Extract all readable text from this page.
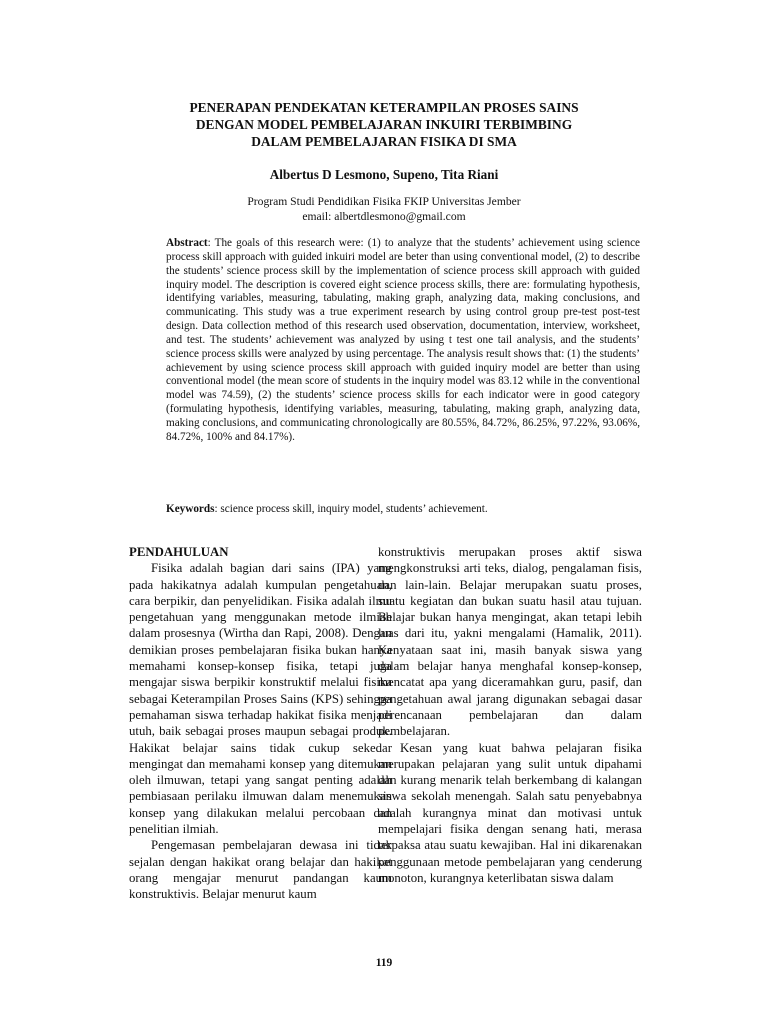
PENERAPAN PENDEKATAN KETERAMPILAN PROSES SAINS
DENGAN MODEL PEMBELAJARAN INKUIRI TERBIMBING
DALAM PEMBELAJARAN FISIKA DI SMA
Albertus D Lesmono, Supeno, Tita Riani
Program Studi Pendidikan Fisika FKIP Universitas Jember
email: albertdlesmono@gmail.com

Abstract: The goals of this research were: (1) to analyze that the students’ achievement using science process skill approach with guided inkuiri model are beter than using conventional model, (2) to describe the students’ science process skill by the implementation of science process skill approach with guided inquiry model. The description is covered eight science process skills, there are: formulating hypothesis, identifying variables, measuring, tabulating, making graph, analyzing data, making conclusions, and communicating. This study was a true experiment research by using control group pre-test post-test design. Data collection method of this research used observation, documentation, interview, worksheet, and test. The students’ achievement was analyzed by using t test one tail analysis, and the students’ science process skills were analyzed by using percentage. The analysis result shows that: (1) the students’ achievement by using science process skill approach with guided inquiry model are better than using conventional model (the mean score of students in the inquiry model was 83.12 while in the conventional model was 74.59), (2) the students’ science process skills for each indicator were in good category (formulating hypothesis, identifying variables, measuring, tabulating, making graph, analyzing data, making conclusions, and communicating chronologically are 80.55%, 84.72%, 86.25%, 97.22%, 93.06%, 84.72%, 100% and 84.17%).

Keywords: science process skill, inquiry model, students’ achievement.

PENDAHULUAN

Fisika adalah bagian dari sains (IPA) yang pada hakikatnya adalah kumpulan pengetahuan, cara berpikir, dan penyelidikan. Fisika adalah ilmu pengetahuan yang menggunakan metode ilmiah dalam prosesnya (Wirtha dan Rapi, 2008). Dengan demikian proses pembelajaran fisika bukan hanya memahami konsep-konsep fisika, tetapi juga mengajar siswa berpikir konstruktif melalui fisika sebagai Keterampilan Proses Sains (KPS) sehingga pemahaman siswa terhadap hakikat fisika menjadi utuh, baik sebagai proses maupun sebagai produk. Hakikat belajar sains tidak cukup sekedar mengingat dan memahami konsep yang ditemukan oleh ilmuwan, tetapi yang sangat penting adalah pembiasaan perilaku ilmuwan dalam menemukan konsep yang dilakukan melalui percobaan dan penelitian ilmiah.

Pengemasan pembelajaran dewasa ini tidak sejalan dengan hakikat orang belajar dan hakikat orang mengajar menurut pandangan kaum konstruktivis. Belajar menurut kaum

konstruktivis merupakan proses aktif siswa mengkonstruksi arti teks, dialog, pengalaman fisis, dan lain-lain. Belajar merupakan suatu proses, suatu kegiatan dan bukan suatu hasil atau tujuan. Belajar bukan hanya mengingat, akan tetapi lebih luas dari itu, yakni mengalami (Hamalik, 2011). Kenyataan saat ini, masih banyak siswa yang dalam belajar hanya menghafal konsep-konsep, mencatat apa yang diceramahkan guru, pasif, dan pengetahuan awal jarang digunakan sebagai dasar perencanaan pembelajaran dan dalam pembelajaran.

Kesan yang kuat bahwa pelajaran fisika merupakan pelajaran yang sulit untuk dipahami dan kurang menarik telah berkembang di kalangan siswa sekolah menengah. Salah satu penyebabnya adalah kurangnya minat dan motivasi untuk mempelajari fisika dengan senang hati, merasa terpaksa atau suatu kewajiban. Hal ini dikarenakan penggunaan metode pembelajaran yang cenderung monoton, kurangnya keterlibatan siswa dalam

119
